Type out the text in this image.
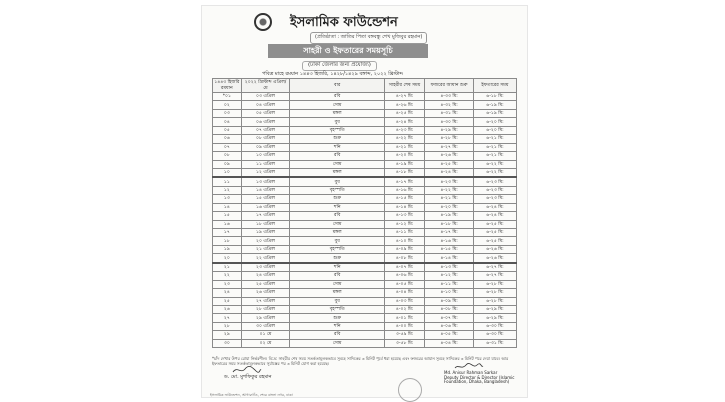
ইসলামিক ফাউন্ডেশন
(প্রতিষ্ঠাতা : জাতির পিতা বঙ্গবন্ধু শেখ মুজিবুর রহমান)
সাহরী ও ইফতারের সময়সূচি
(ঢাকা জেলার জন্য প্রযোজ্য)
পবিত্র মাহে রমযান ১৪৪৩ হিজরি, ১৪২৮/১৪২৯ বঙ্গাব্দ, ২০২২ খ্রিস্টাব্দ
১৪৪৩ হিজরি রমযান	২০২২ খ্রিস্টাব্দ এপ্রিল/মে	বার	সাহরীর শেষ সময়	ফজরের আযান শুরু	ইফতারের সময়
*০১	০৩ এপ্রিল	রবি	৪-২৭ মি:	৪-৩৩ মি:	৬-১৮ মি:
০২	০৪ এপ্রিল	সোম	৪-২৬ মি:	৪-৩২ মি:	৬-১৯ মি:
০৩	০৫ এপ্রিল	মঙ্গল	৪-২৫ মি:	৪-৩১ মি:	৬-১৯ মি:
০৪	০৬ এপ্রিল	বুধ	৪-২৪ মি:	৪-৩০ মি:	৬-২০ মি:
০৫	০৭ এপ্রিল	বৃহস্পতি	৪-২৩ মি:	৪-২৯ মি:	৬-২০ মি:
০৬	০৮ এপ্রিল	শুক্র	৪-২২ মি:	৪-২৮ মি:	৬-২১ মি:
০৭	০৯ এপ্রিল	শনি	৪-২১ মি:	৪-২৭ মি:	৬-২১ মি:
০৮	১০ এপ্রিল	রবি	৪-২০ মি:	৪-২৬ মি:	৬-২১ মি:
০৯	১১ এপ্রিল	সোম	৪-১৯ মি:	৪-২৫ মি:	৬-২২ মি:
১০	১২ এপ্রিল	মঙ্গল	৪-১৮ মি:	৪-২৪ মি:	৬-২২ মি:
১১	১৩ এপ্রিল	বুধ	৪-১৭ মি:	৪-২৩ মি:	৬-২৩ মি:
১২	১৪ এপ্রিল	বৃহস্পতি	৪-১৬ মি:	৪-২২ মি:	৬-২৩ মি:
১৩	১৫ এপ্রিল	শুক্র	৪-১৫ মি:	৪-২১ মি:	৬-২৩ মি:
১৪	১৬ এপ্রিল	শনি	৪-১৪ মি:	৪-২০ মি:	৬-২৪ মি:
১৫	১৭ এপ্রিল	রবি	৪-১৩ মি:	৪-১৯ মি:	৬-২৪ মি:
১৬	১৮ এপ্রিল	সোম	৪-১২ মি:	৪-১৮ মি:	৬-২৫ মি:
১৭	১৯ এপ্রিল	মঙ্গল	৪-১১ মি:	৪-১৭ মি:	৬-২৫ মি:
১৮	২০ এপ্রিল	বুধ	৪-১০ মি:	৪-১৬ মি:	৬-২৫ মি:
১৯	২১ এপ্রিল	বৃহস্পতি	৪-০৯ মি:	৪-১৫ মি:	৬-২৬ মি:
২০	২২ এপ্রিল	শুক্র	৪-০৮ মি:	৪-১৪ মি:	৬-২৬ মি:
২১	২৩ এপ্রিল	শনি	৪-০৭ মি:	৪-১৩ মি:	৬-২৭ মি:
২২	২৪ এপ্রিল	রবি	৪-০৬ মি:	৪-১২ মি:	৬-২৭ মি:
২৩	২৫ এপ্রিল	সোম	৪-০৫ মি:	৪-১১ মি:	৬-২৮ মি:
২৪	২৬ এপ্রিল	মঙ্গল	৪-০৪ মি:	৪-১০ মি:	৬-২৮ মি:
২৫	২৭ এপ্রিল	বুধ	৪-০৩ মি:	৪-০৯ মি:	৬-২৮ মি:
২৬	২৮ এপ্রিল	বৃহস্পতি	৪-০২ মি:	৪-০৮ মি:	৬-২৯ মি:
২৭	২৯ এপ্রিল	শুক্র	৪-০১ মি:	৪-০৭ মি:	৬-২৯ মি:
২৮	৩০ এপ্রিল	শনি	৪-০০ মি:	৪-০৬ মি:	৬-৩০ মি:
২৯	০১ মে	রবি	৩-৫৯ মি:	৪-০৫ মি:	৬-৩০ মি:
৩০	০২ মে	সোম	৩-৫৮ মি:	৪-০৪ মি:	৬-৩১ মি:
*চাঁদ দেখার উপর রোযা নির্ভরশীল। বি:দ্র: সাহরীর শেষ সময় সতর্কতামূলকভাবে সুবহে সাদিকের ৩ মিনিট পূর্বে ধরা হয়েছে এবং ফজরের আযান সুবহে সাদিকের ৩ মিনিট পরে দেয়া যাবে। আর ইফতারের সময় সতর্কতামূলকভাবে সূর্যাস্তের পর ৩ মিনিট যোগ করা হয়েছে।
ড. মো. মুশফিকুর রহমান
Md. Anisur Rahman Sarkar
Deputy Director & Director (Islamic Foundation, Dhaka, Bangladesh)
ইসলামিক ফাউন্ডেশন, আগারগাঁও, শেরে বাংলা নগর, ঢাকা
